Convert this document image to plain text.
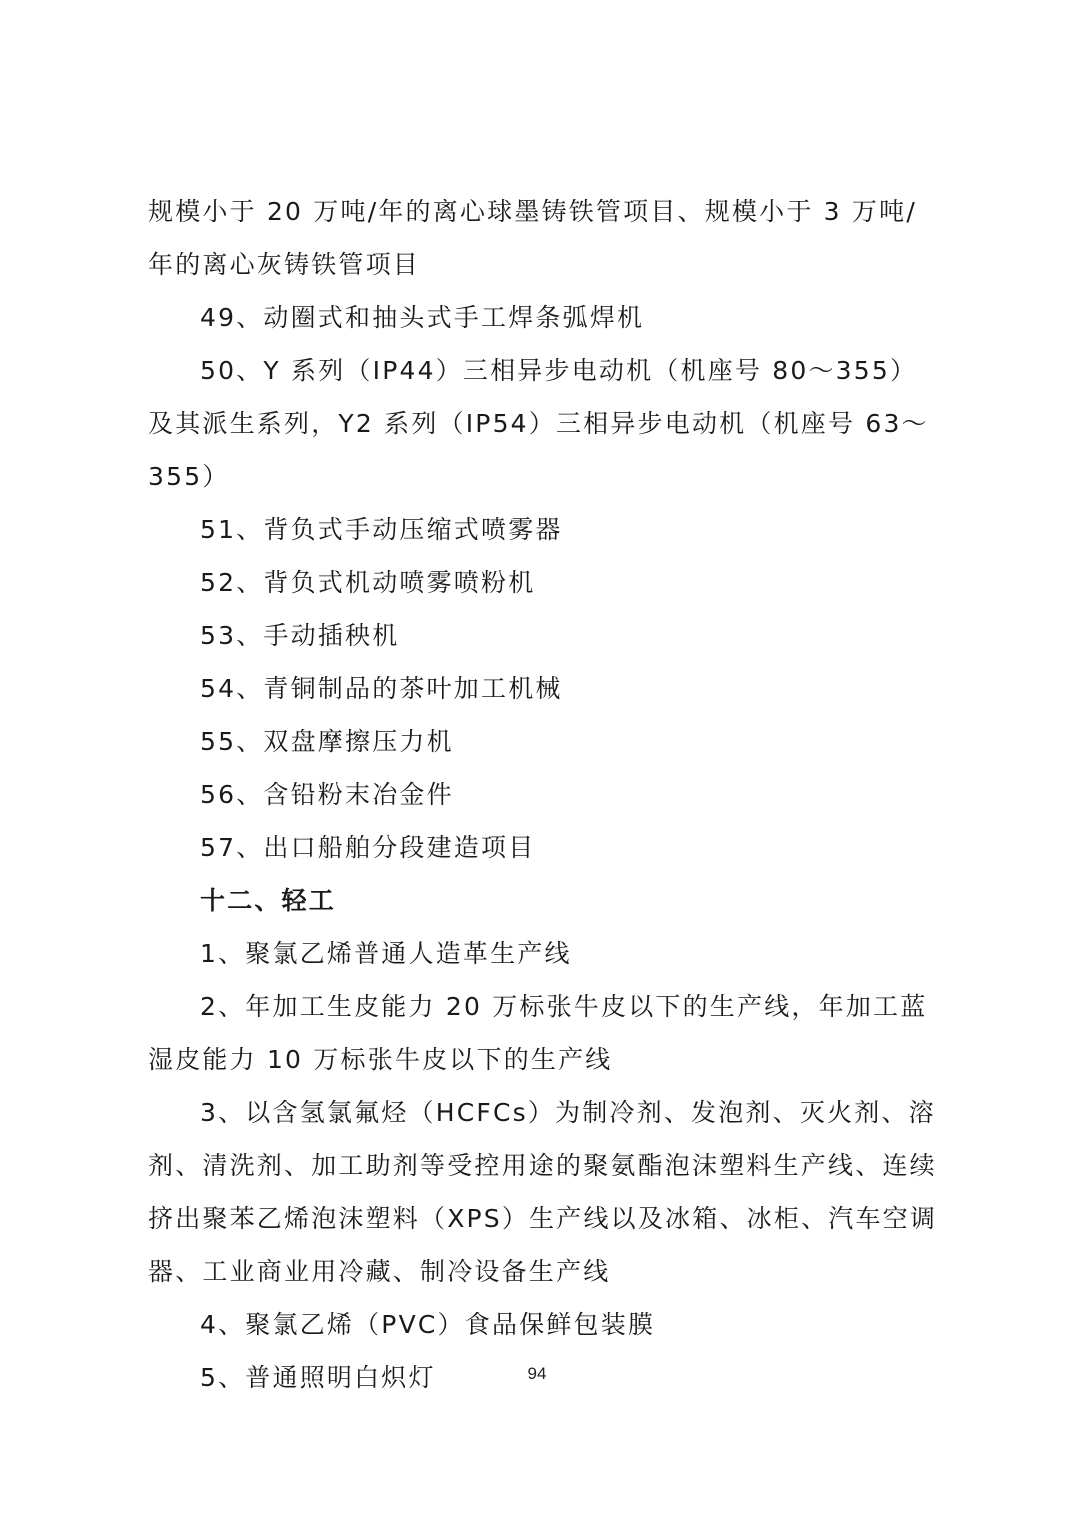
规模小于 20 万吨/年的离心球墨铸铁管项目、规模小于 3 万吨/年的离心灰铸铁管项目

49、动圈式和抽头式手工焊条弧焊机

50、Y 系列（IP44）三相异步电动机（机座号 80～355）及其派生系列，Y2 系列（IP54）三相异步电动机（机座号 63～355）

51、背负式手动压缩式喷雾器

52、背负式机动喷雾喷粉机

53、手动插秧机

54、青铜制品的茶叶加工机械

55、双盘摩擦压力机

56、含铅粉末冶金件

57、出口船舶分段建造项目

十二、轻工

1、聚氯乙烯普通人造革生产线

2、年加工生皮能力 20 万标张牛皮以下的生产线，年加工蓝湿皮能力 10 万标张牛皮以下的生产线

3、以含氢氯氟烃（HCFCs）为制冷剂、发泡剂、灭火剂、溶剂、清洗剂、加工助剂等受控用途的聚氨酯泡沫塑料生产线、连续挤出聚苯乙烯泡沫塑料（XPS）生产线以及冰箱、冰柜、汽车空调器、工业商业用冷藏、制冷设备生产线

4、聚氯乙烯（PVC）食品保鲜包装膜

5、普通照明白炽灯	94
